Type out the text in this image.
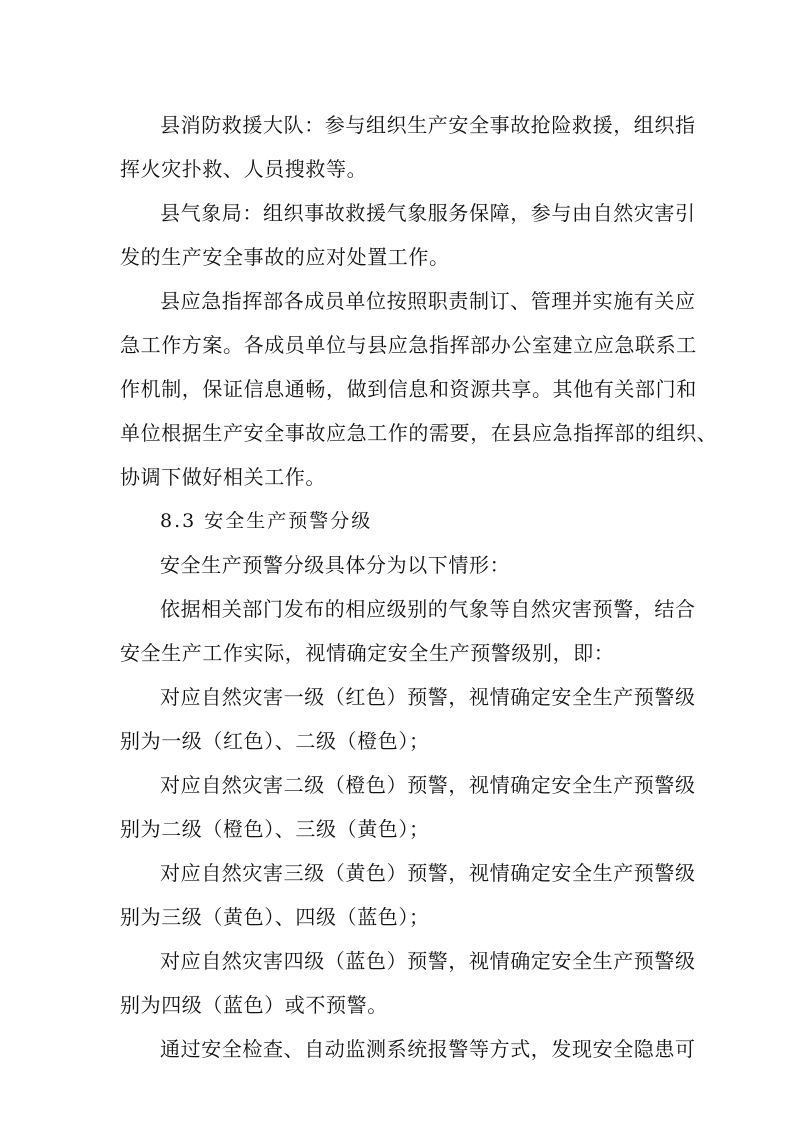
县消防救援大队：参与组织生产安全事故抢险救援，组织指
挥火灾扑救、人员搜救等。
县气象局：组织事故救援气象服务保障，参与由自然灾害引
发的生产安全事故的应对处置工作。
县应急指挥部各成员单位按照职责制订、管理并实施有关应
急工作方案。各成员单位与县应急指挥部办公室建立应急联系工
作机制，保证信息通畅，做到信息和资源共享。其他有关部门和
单位根据生产安全事故应急工作的需要，在县应急指挥部的组织、
协调下做好相关工作。
8.3 安全生产预警分级
安全生产预警分级具体分为以下情形：
依据相关部门发布的相应级别的气象等自然灾害预警，结合
安全生产工作实际，视情确定安全生产预警级别，即：
对应自然灾害一级（红色）预警，视情确定安全生产预警级
别为一级（红色）、二级（橙色）；
对应自然灾害二级（橙色）预警，视情确定安全生产预警级
别为二级（橙色）、三级（黄色）；
对应自然灾害三级（黄色）预警，视情确定安全生产预警级
别为三级（黄色）、四级（蓝色）；
对应自然灾害四级（蓝色）预警，视情确定安全生产预警级
别为四级（蓝色）或不预警。
通过安全检查、自动监测系统报警等方式，发现安全隐患可
